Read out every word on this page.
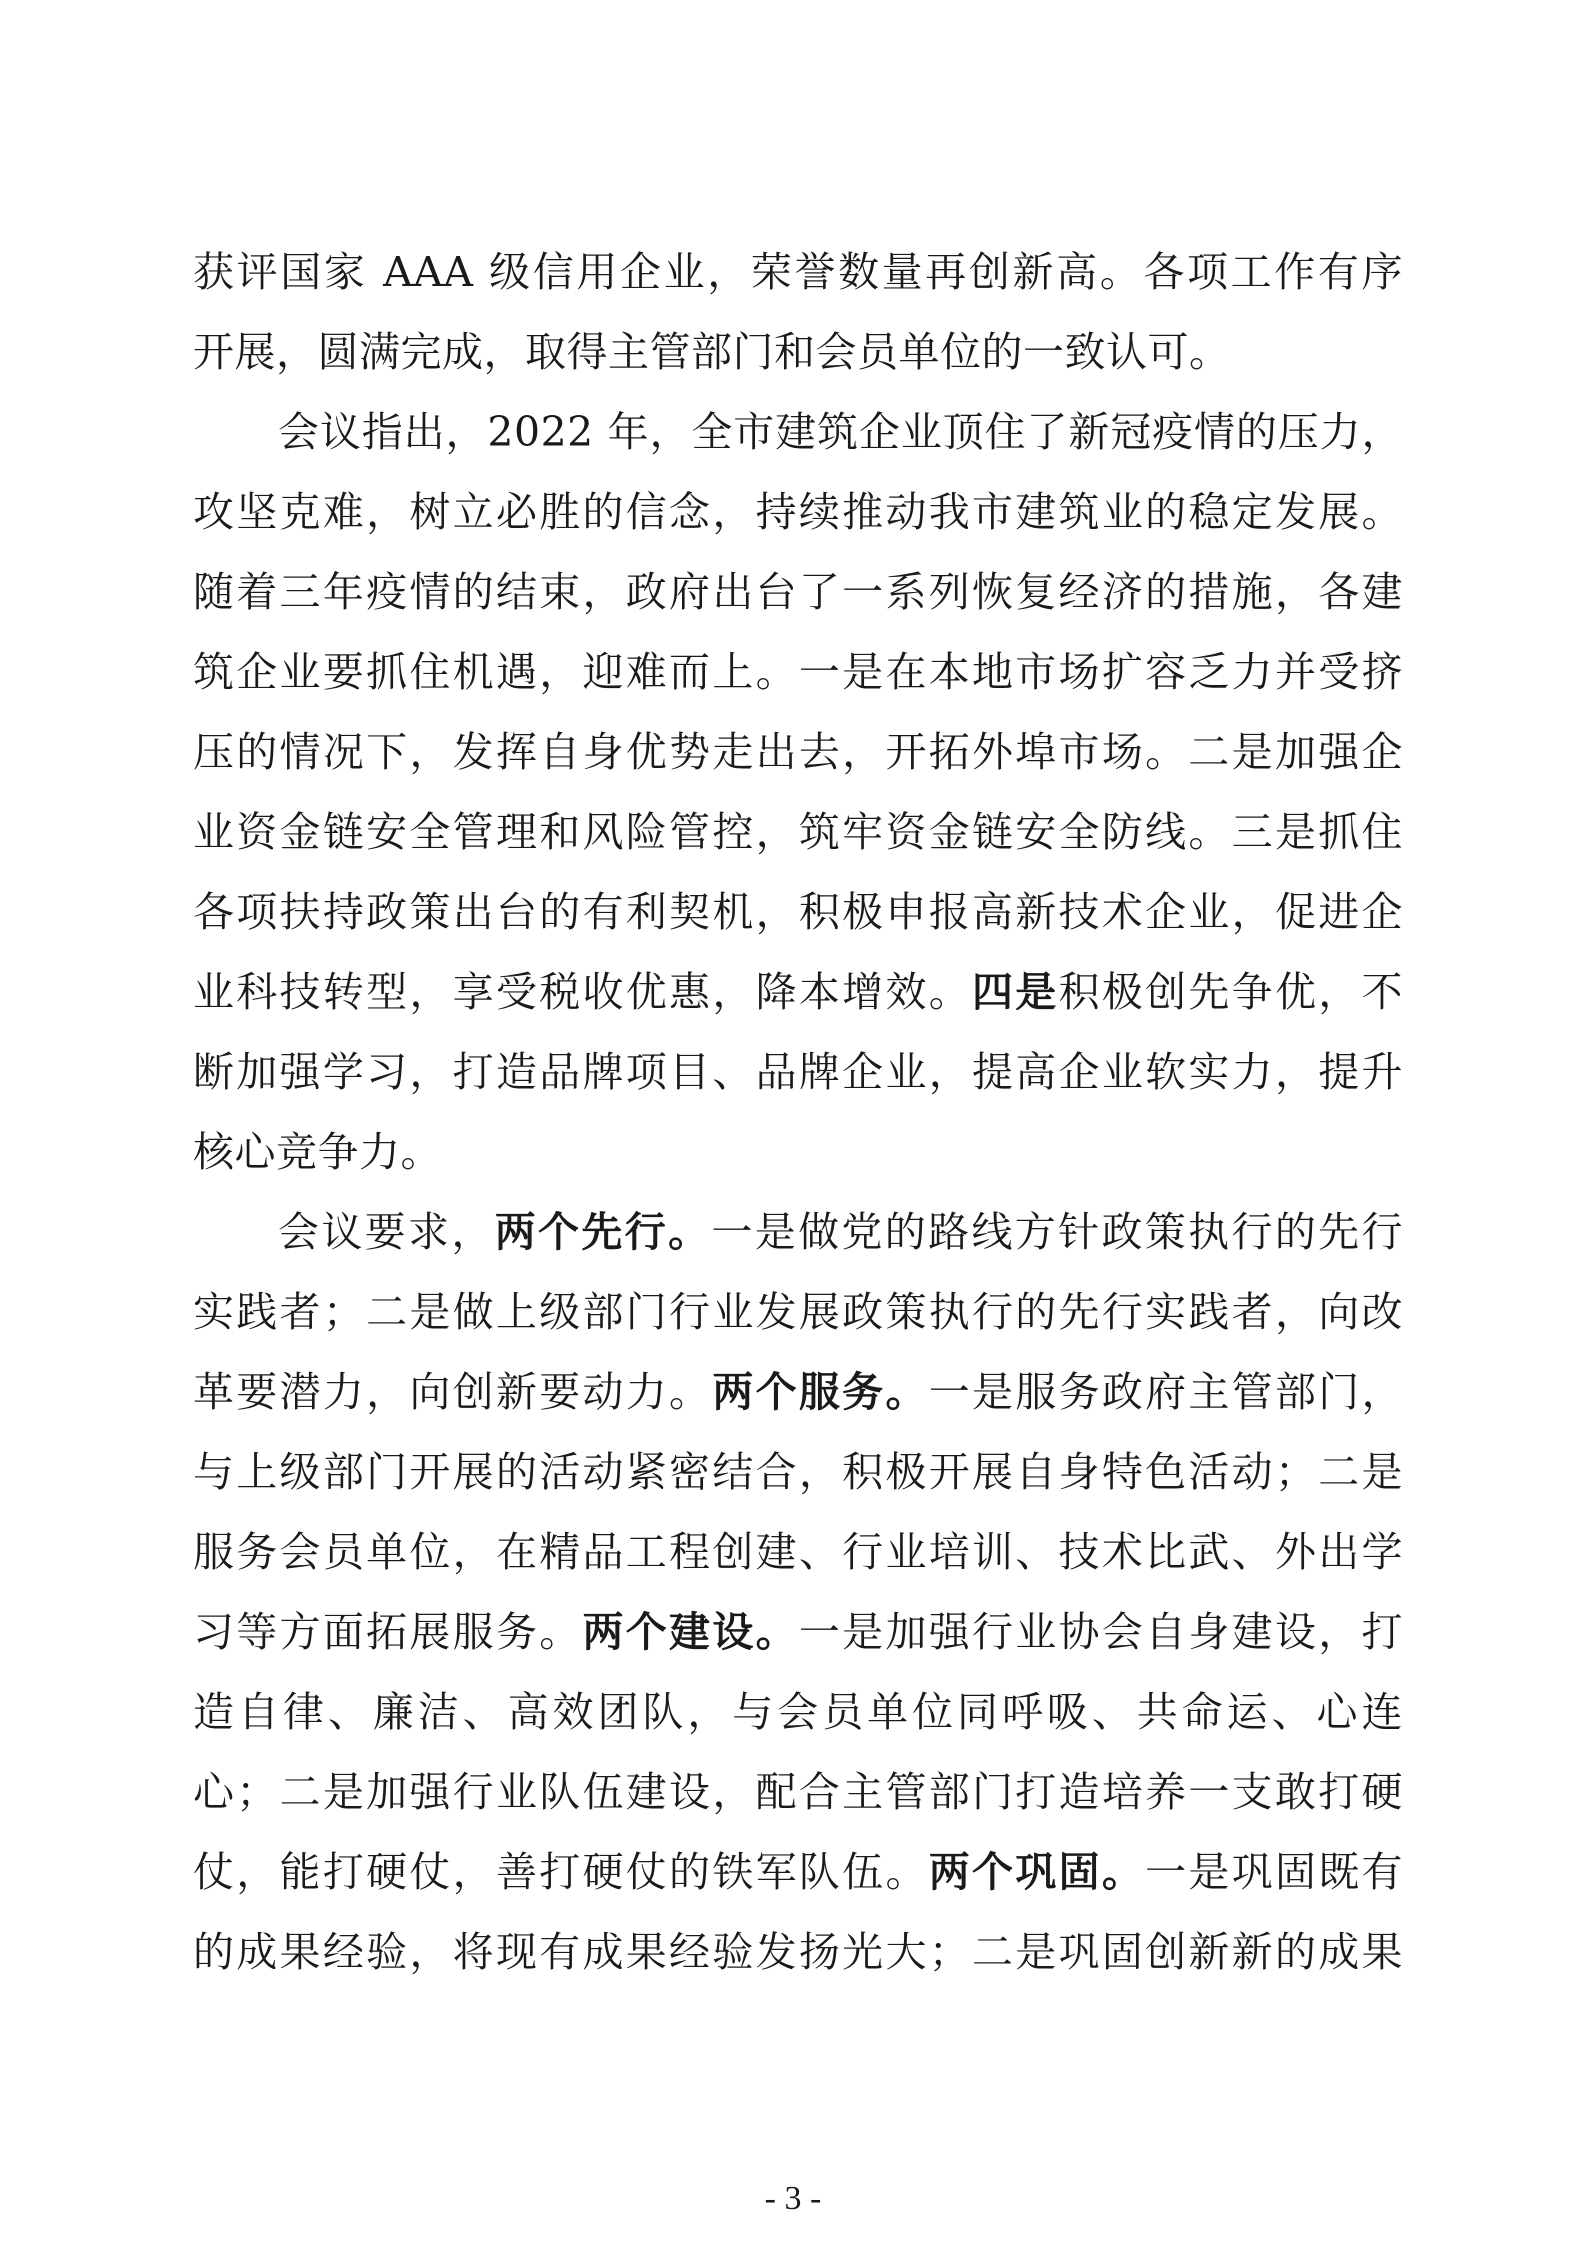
获评国家 AAA 级信用企业，荣誉数量再创新高。各项工作有序
开展，圆满完成，取得主管部门和会员单位的一致认可。
会议指出，2022 年，全市建筑企业顶住了新冠疫情的压力，
攻坚克难，树立必胜的信念，持续推动我市建筑业的稳定发展。
随着三年疫情的结束，政府出台了一系列恢复经济的措施，各建
筑企业要抓住机遇，迎难而上。一是在本地市场扩容乏力并受挤
压的情况下，发挥自身优势走出去，开拓外埠市场。二是加强企
业资金链安全管理和风险管控，筑牢资金链安全防线。三是抓住
各项扶持政策出台的有利契机，积极申报高新技术企业，促进企
业科技转型，享受税收优惠，降本增效。四是积极创先争优，不
断加强学习，打造品牌项目、品牌企业，提高企业软实力，提升
核心竞争力。
会议要求，两个先行。一是做党的路线方针政策执行的先行
实践者；二是做上级部门行业发展政策执行的先行实践者，向改
革要潜力，向创新要动力。两个服务。一是服务政府主管部门，
与上级部门开展的活动紧密结合，积极开展自身特色活动；二是
服务会员单位，在精品工程创建、行业培训、技术比武、外出学
习等方面拓展服务。两个建设。一是加强行业协会自身建设，打
造自律、廉洁、高效团队，与会员单位同呼吸、共命运、心连
心；二是加强行业队伍建设，配合主管部门打造培养一支敢打硬
仗，能打硬仗，善打硬仗的铁军队伍。两个巩固。一是巩固既有
的成果经验，将现有成果经验发扬光大；二是巩固创新新的成果
- 3 -
